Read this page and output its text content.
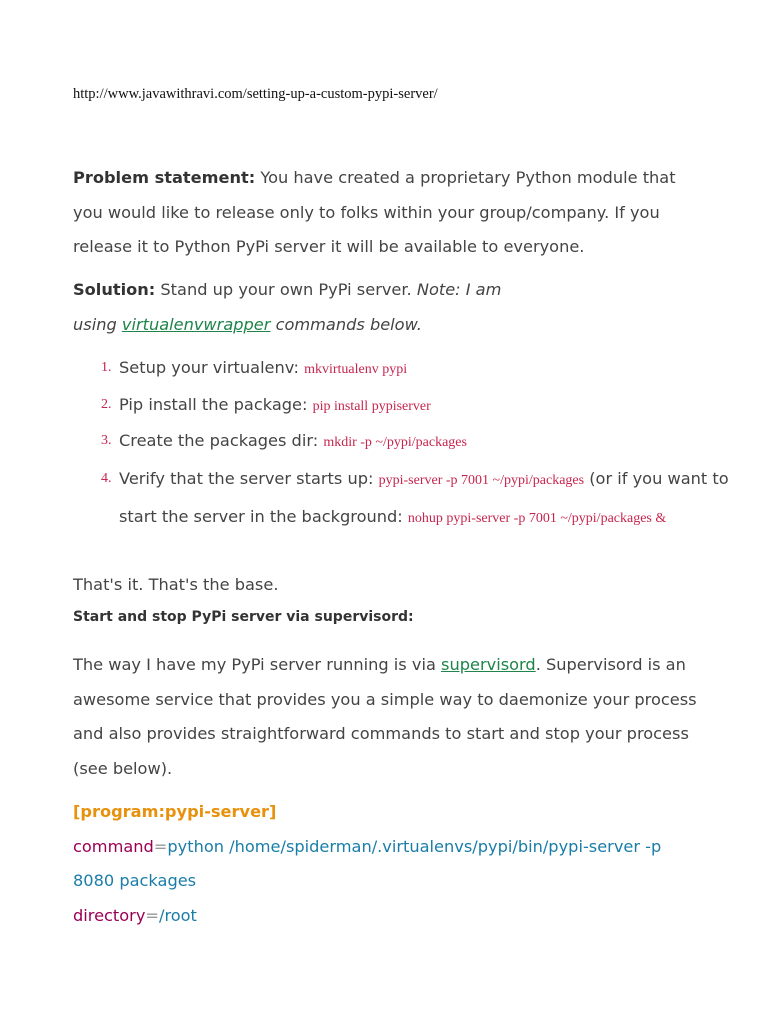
http://www.javawithravi.com/setting-up-a-custom-pypi-server/

Problem statement: You have created a proprietary Python module that you would like to release only to folks within your group/company. If you release it to Python PyPi server it will be available to everyone.

Solution: Stand up your own PyPi server. Note: I am using virtualenvwrapper commands below.

1. Setup your virtualenv: mkvirtualenv pypi
2. Pip install the package: pip install pypiserver
3. Create the packages dir: mkdir -p ~/pypi/packages
4. Verify that the server starts up: pypi-server -p 7001 ~/pypi/packages (or if you want to start the server in the background: nohup pypi-server -p 7001 ~/pypi/packages &

That's it. That's the base.

Start and stop PyPi server via supervisord:

The way I have my PyPi server running is via supervisord. Supervisord is an awesome service that provides you a simple way to daemonize your process and also provides straightforward commands to start and stop your process (see below).

[program:pypi-server]
command=python /home/spiderman/.virtualenvs/pypi/bin/pypi-server -p 8080 packages
directory=/root
